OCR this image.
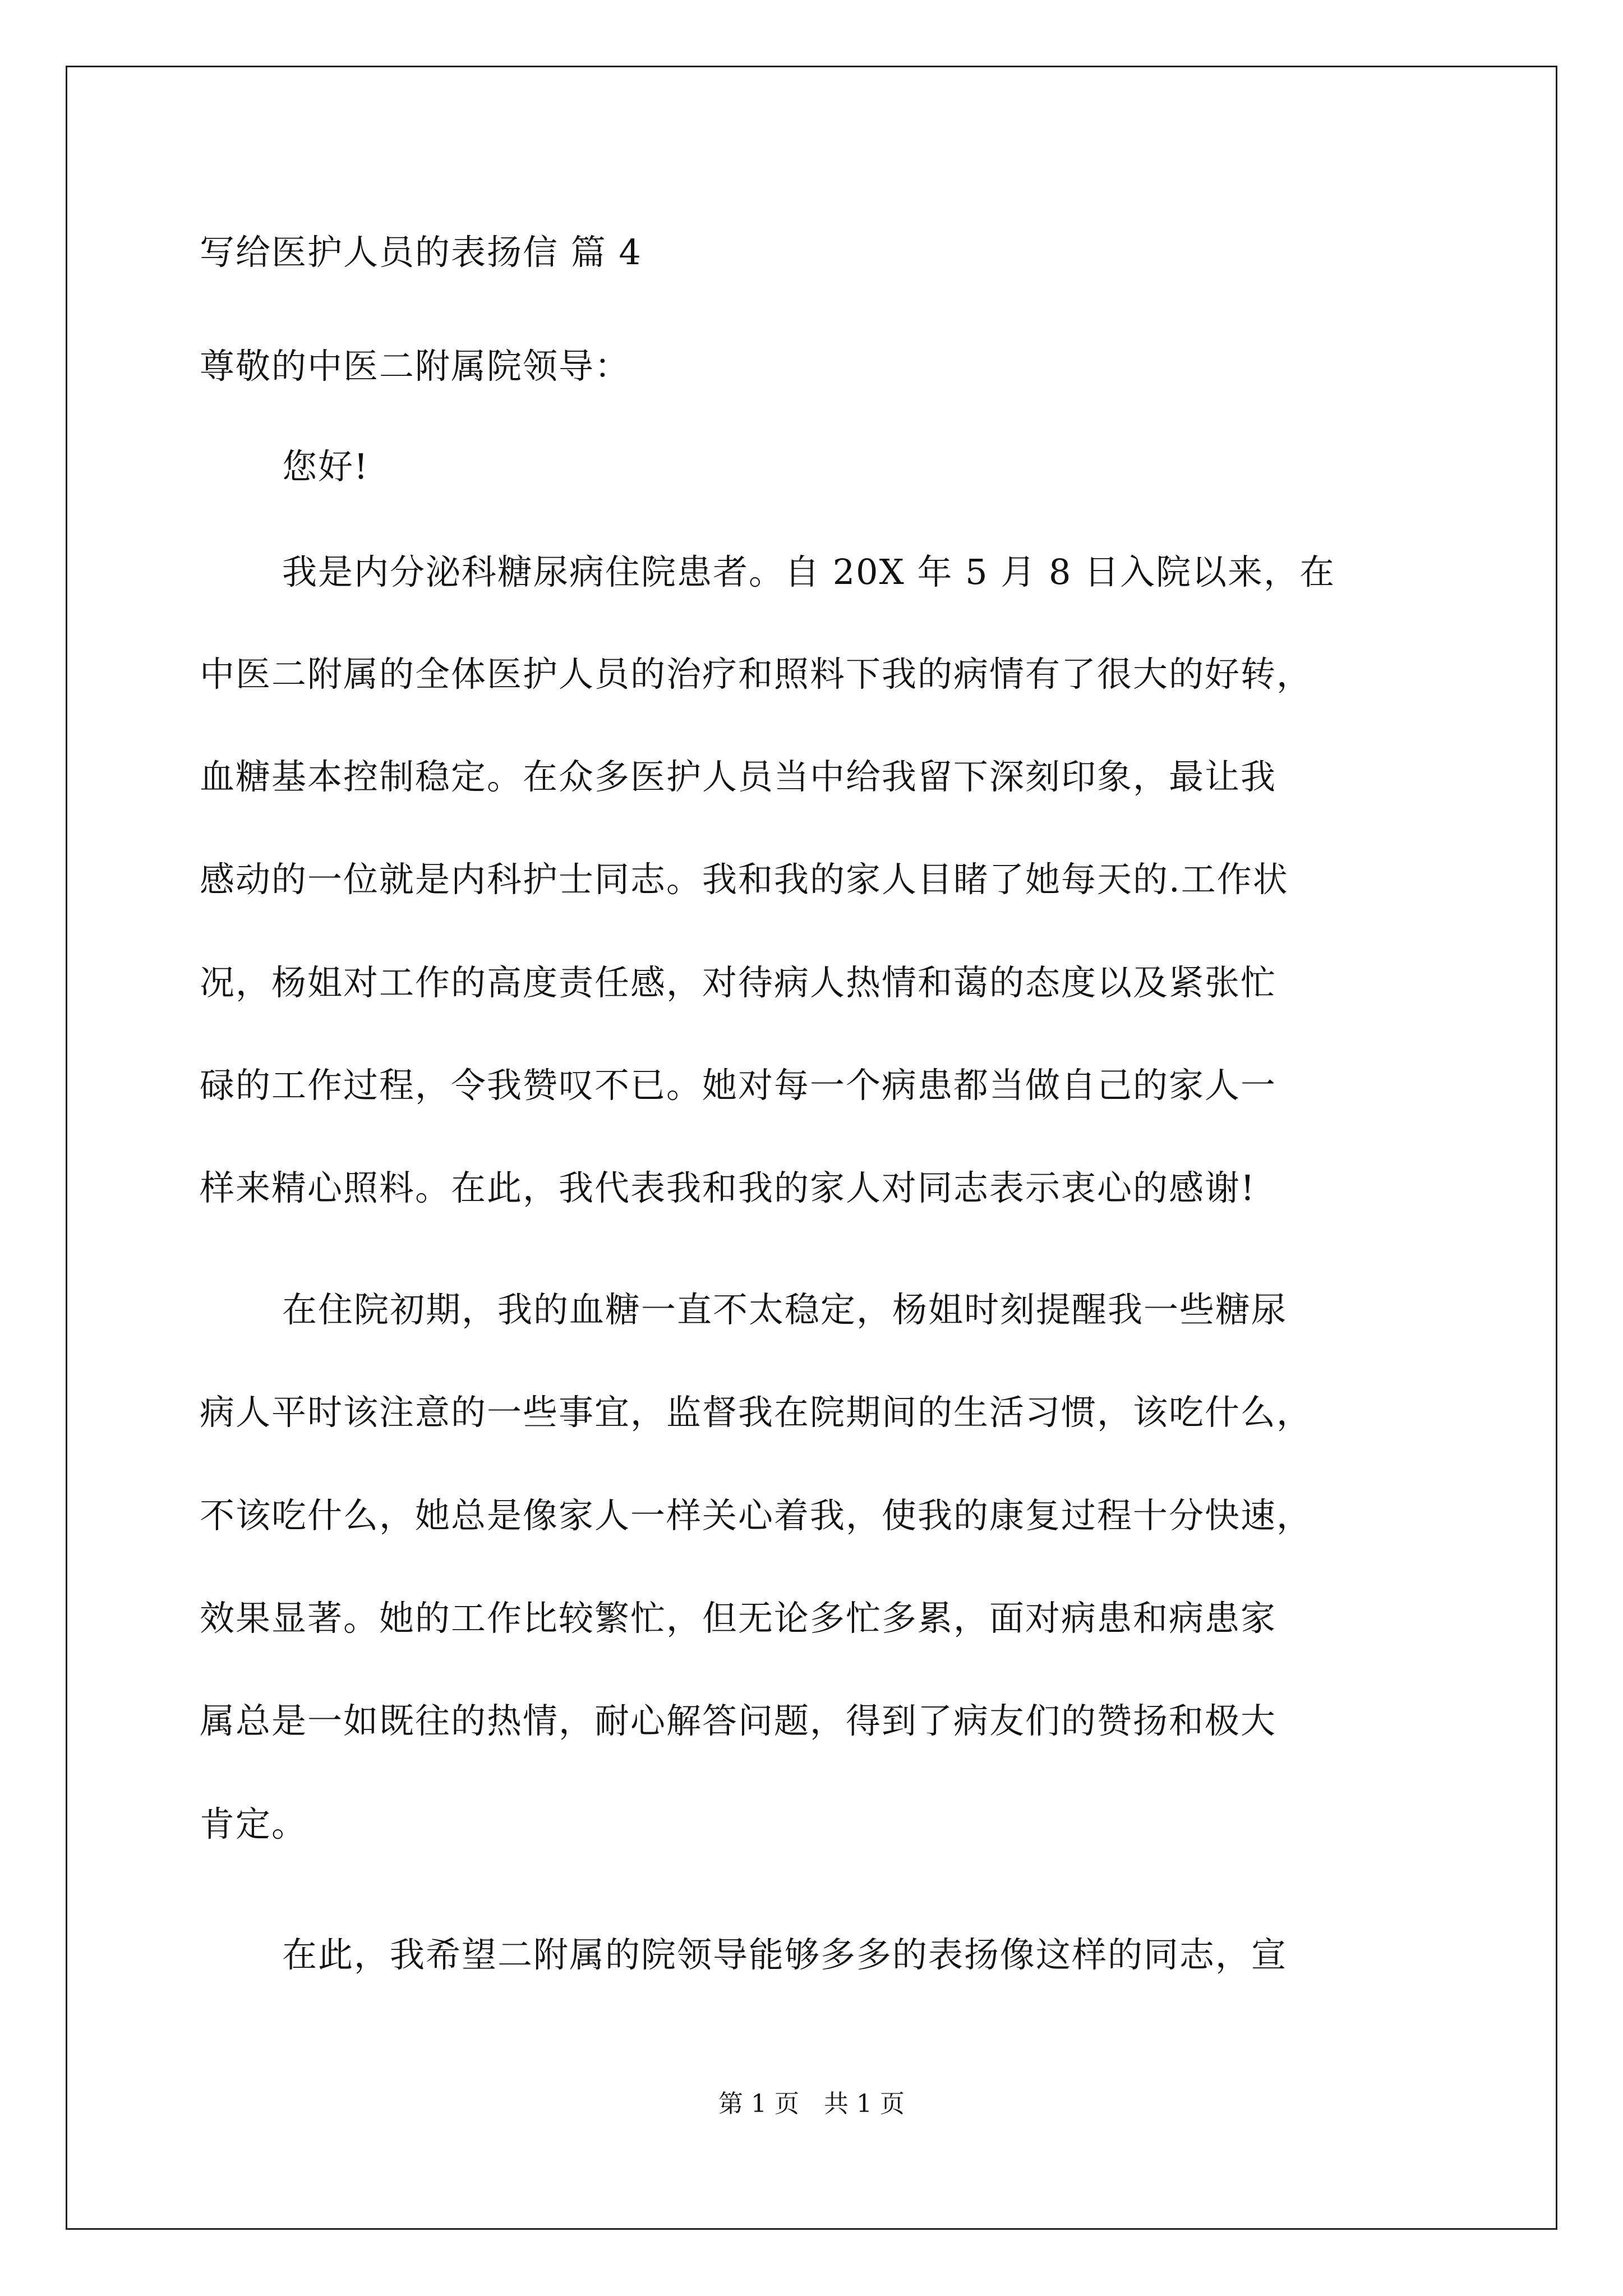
写给医护人员的表扬信 篇 4
尊敬的中医二附属院领导：
您好!
我是内分泌科糖尿病住院患者。自 20X 年 5 月 8 日入院以来，在
中医二附属的全体医护人员的治疗和照料下我的病情有了很大的好转，
血糖基本控制稳定。在众多医护人员当中给我留下深刻印象，最让我
感动的一位就是内科护士同志。我和我的家人目睹了她每天的.工作状
况，杨姐对工作的高度责任感，对待病人热情和蔼的态度以及紧张忙
碌的工作过程，令我赞叹不已。她对每一个病患都当做自己的家人一
样来精心照料。在此，我代表我和我的家人对同志表示衷心的感谢!
在住院初期，我的血糖一直不太稳定，杨姐时刻提醒我一些糖尿
病人平时该注意的一些事宜，监督我在院期间的生活习惯，该吃什么，
不该吃什么，她总是像家人一样关心着我，使我的康复过程十分快速，
效果显著。她的工作比较繁忙，但无论多忙多累，面对病患和病患家
属总是一如既往的热情，耐心解答问题，得到了病友们的赞扬和极大
肯定。
在此，我希望二附属的院领导能够多多的表扬像这样的同志，宣
第 1 页　共 1 页
